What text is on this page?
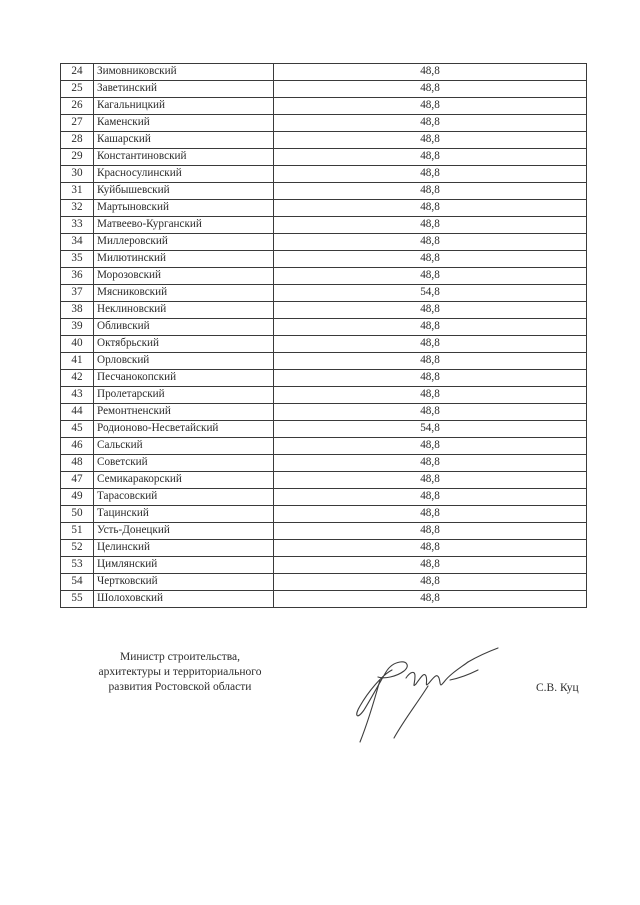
24	Зимовниковский	48,8
25	Заветинский	48,8
26	Кагальницкий	48,8
27	Каменский	48,8
28	Кашарский	48,8
29	Константиновский	48,8
30	Красносулинский	48,8
31	Куйбышевский	48,8
32	Мартыновский	48,8
33	Матвеево-Курганский	48,8
34	Миллеровский	48,8
35	Милютинский	48,8
36	Морозовский	48,8
37	Мясниковский	54,8
38	Неклиновский	48,8
39	Обливский	48,8
40	Октябрьский	48,8
41	Орловский	48,8
42	Песчанокопский	48,8
43	Пролетарский	48,8
44	Ремонтненский	48,8
45	Родионово-Несветайский	54,8
46	Сальский	48,8
48	Советский	48,8
47	Семикаракорский	48,8
49	Тарасовский	48,8
50	Тацинский	48,8
51	Усть-Донецкий	48,8
52	Целинский	48,8
53	Цимлянский	48,8
54	Чертковский	48,8
55	Шолоховский	48,8
Министр строительства,
архитектуры и территориального
развития Ростовской области	С.В. Куц
